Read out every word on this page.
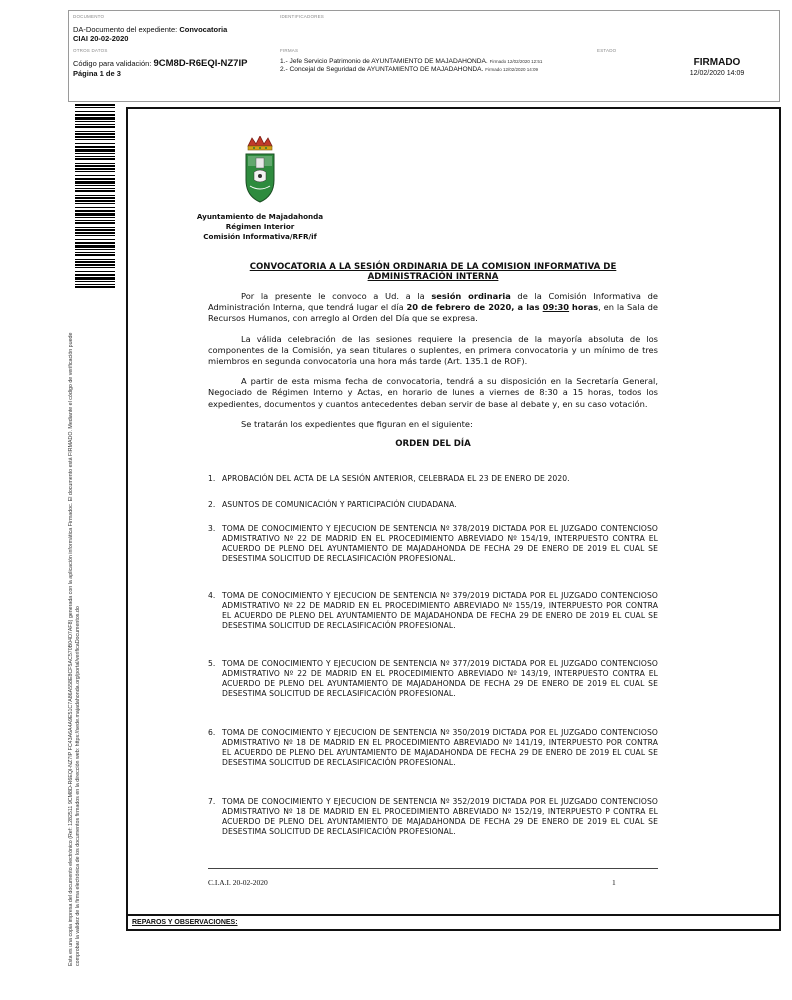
DOCUMENTO
DA-Documento del expediente: Convocatoria
CIAI 20-02-2020
IDENTIFICADORES
OTROS DATOS
Código para validación: 9CM8D-R6EQI-NZ7IP
Página 1 de 3
FIRMAS
1.- Jefe Servicio Patrimonio de AYUNTAMIENTO DE MAJADAHONDA. Firmado 12/02/2020 12:51
2.- Concejal de Seguridad de AYUNTAMIENTO DE MAJADAHONDA. Firmado 12/02/2020 14:09
ESTADO
FIRMADO
12/02/2020 14:09
Esta es una copia impresa del documento electrónico (Ref: 1282511 9CM8D-R6EQI-NZ7IP FC43A6A4A9E51C7A86A558E8CF5AC570B04D7AF8) generada con la aplicación informática Firmadoc. El documento está FIRMADO. Mediante el código de verificación puede comprobar la validez de la firma electrónica de los documentos firmados en la dirección web: https://sede.majadahonda.org/portal/verificaDocumentos.do	REPAROS Y OBSERVACIONES:
Ayuntamiento de Majadahonda
Régimen Interior
Comisión Informativa/RFR/if
CONVOCATORIA A LA SESIÓN ORDINARIA DE LA COMISION INFORMATIVA DE ADMINISTRACIÓN INTERNA

Por la presente le convoco a Ud. a la sesión ordinaria de la Comisión Informativa de Administración Interna, que tendrá lugar el día 20 de febrero de 2020, a las 09:30 horas, en la Sala de Recursos Humanos, con arreglo al Orden del Día que se expresa.

La válida celebración de las sesiones requiere la presencia de la mayoría absoluta de los componentes de la Comisión, ya sean titulares o suplentes, en primera convocatoria y un mínimo de tres miembros en segunda convocatoria una hora más tarde (Art. 135.1 de ROF).

A partir de esta misma fecha de convocatoria, tendrá a su disposición en la Secretaría General, Negociado de Régimen Interno y Actas, en horario de lunes a viernes de 8:30 a 15 horas, todos los expedientes, documentos y cuantos antecedentes deban servir de base al debate y, en su caso votación.

Se tratarán los expedientes que figuran en el siguiente:

ORDEN DEL DÍA
1. APROBACIÓN DEL ACTA DE LA SESIÓN ANTERIOR, CELEBRADA EL 23 DE ENERO DE 2020.
2. ASUNTOS DE COMUNICACIÓN Y PARTICIPACIÓN CIUDADANA.
3. TOMA DE CONOCIMIENTO Y EJECUCION DE SENTENCIA Nº 378/2019 DICTADA POR EL JUZGADO CONTENCIOSO ADMISTRATIVO Nº 22 DE MADRID EN EL PROCEDIMIENTO ABREVIADO Nº 154/19, INTERPUESTO CONTRA EL ACUERDO DE PLENO DEL AYUNTAMIENTO DE MAJADAHONDA DE FECHA 29 DE ENERO DE 2019 EL CUAL SE DESESTIMA SOLICITUD DE RECLASIFICACIÓN PROFESIONAL.
4. TOMA DE CONOCIMIENTO Y EJECUCION DE SENTENCIA Nº 379/2019 DICTADA POR EL JUZGADO CONTENCIOSO ADMISTRATIVO Nº 22 DE MADRID EN EL PROCEDIMIENTO ABREVIADO Nº 155/19, INTERPUESTO POR CONTRA EL ACUERDO DE PLENO DEL AYUNTAMIENTO DE MAJADAHONDA DE FECHA 29 DE ENERO DE 2019 EL CUAL SE DESESTIMA SOLICITUD DE RECLASIFICACIÓN PROFESIONAL.
5. TOMA DE CONOCIMIENTO Y EJECUCION DE SENTENCIA Nº 377/2019 DICTADA POR EL JUZGADO CONTENCIOSO ADMISTRATIVO Nº 22 DE MADRID EN EL PROCEDIMIENTO ABREVIADO Nº 143/19, INTERPUESTO CONTRA EL ACUERDO DE PLENO DEL AYUNTAMIENTO DE MAJADAHONDA DE FECHA 29 DE ENERO DE 2019 EL CUAL SE DESESTIMA SOLICITUD DE RECLASIFICACIÓN PROFESIONAL.
6. TOMA DE CONOCIMIENTO Y EJECUCION DE SENTENCIA Nº 350/2019 DICTADA POR EL JUZGADO CONTENCIOSO ADMISTRATIVO Nº 18 DE MADRID EN EL PROCEDIMIENTO ABREVIADO Nº 141/19, INTERPUESTO POR CONTRA EL ACUERDO DE PLENO DEL AYUNTAMIENTO DE MAJADAHONDA DE FECHA 29 DE ENERO DE 2019 EL CUAL SE DESESTIMA SOLICITUD DE RECLASIFICACIÓN PROFESIONAL.
7. TOMA DE CONOCIMIENTO Y EJECUCION DE SENTENCIA Nº 352/2019 DICTADA POR EL JUZGADO CONTENCIOSO ADMISTRATIVO Nº 18 DE MADRID EN EL PROCEDIMIENTO ABREVIADO Nº 152/19, INTERPUESTO P CONTRA EL ACUERDO DE PLENO DEL AYUNTAMIENTO DE MAJADAHONDA DE FECHA 29 DE ENERO DE 2019 EL CUAL SE DESESTIMA SOLICITUD DE RECLASIFICACIÓN PROFESIONAL.
C.I.A.I. 20-02-2020	1
